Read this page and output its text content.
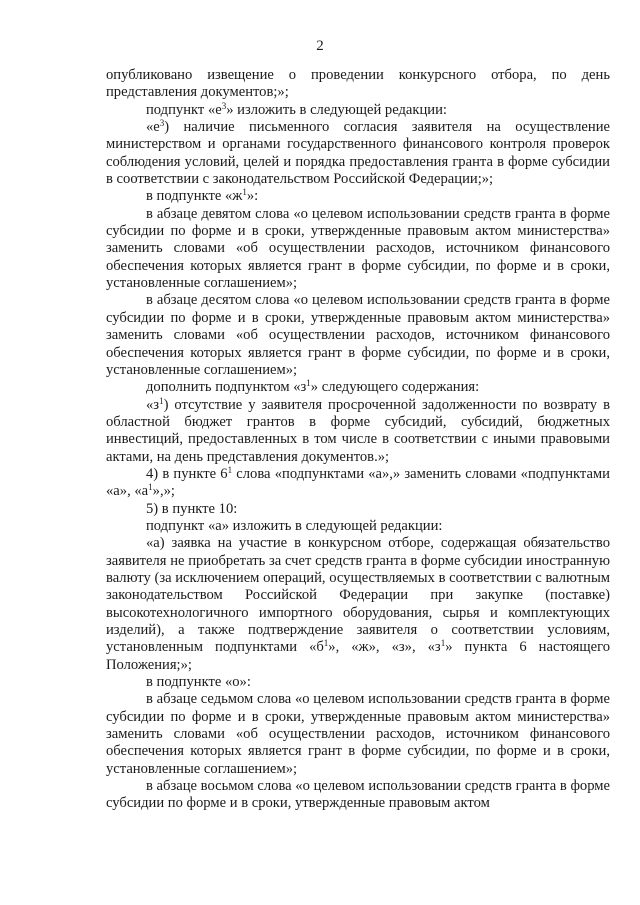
2

опубликовано извещение о проведении конкурсного отбора, по день представления документов;»;

подпункт «$е^3$» изложить в следующей редакции:

«$е^3$) наличие письменного согласия заявителя на осуществление министерством и органами государственного финансового контроля проверок соблюдения условий, целей и порядка предоставления гранта в форме субсидии в соответствии с законодательством Российской Федерации;»;

в подпункте «$ж^1$»:

в абзаце девятом слова «о целевом использовании средств гранта в форме субсидии по форме и в сроки, утвержденные правовым актом министерства» заменить словами «об осуществлении расходов, источником финансового обеспечения которых является грант в форме субсидии, по форме и в сроки, установленные соглашением»;

в абзаце десятом слова «о целевом использовании средств гранта в форме субсидии по форме и в сроки, утвержденные правовым актом министерства» заменить словами «об осуществлении расходов, источником финансового обеспечения которых является грант в форме субсидии, по форме и в сроки, установленные соглашением»;

дополнить подпунктом «$з^1$» следующего содержания:

«$з^1$) отсутствие у заявителя просроченной задолженности по возврату в областной бюджет грантов в форме субсидий, субсидий, бюджетных инвестиций, предоставленных в том числе в соответствии с иными правовыми актами, на день представления документов.»;

4) в пункте $6^1$ слова «подпунктами «а»,» заменить словами «подпунктами «а», «$а^1$»,»;

5) в пункте 10:

подпункт «а» изложить в следующей редакции:

«а) заявка на участие в конкурсном отборе, содержащая обязательство заявителя не приобретать за счет средств гранта в форме субсидии иностранную валюту (за исключением операций, осуществляемых в соответствии с валютным законодательством Российской Федерации при закупке (поставке) высокотехнологичного импортного оборудования, сырья и комплектующих изделий), а также подтверждение заявителя о соответствии условиям, установленным подпунктами «$б^1$», «ж», «з», «$з^1$» пункта 6 настоящего Положения;»;

в подпункте «о»:

в абзаце седьмом слова «о целевом использовании средств гранта в форме субсидии по форме и в сроки, утвержденные правовым актом министерства» заменить словами «об осуществлении расходов, источником финансового обеспечения которых является грант в форме субсидии, по форме и в сроки, установленные соглашением»;

в абзаце восьмом слова «о целевом использовании средств гранта в форме субсидии по форме и в сроки, утвержденные правовым актом
